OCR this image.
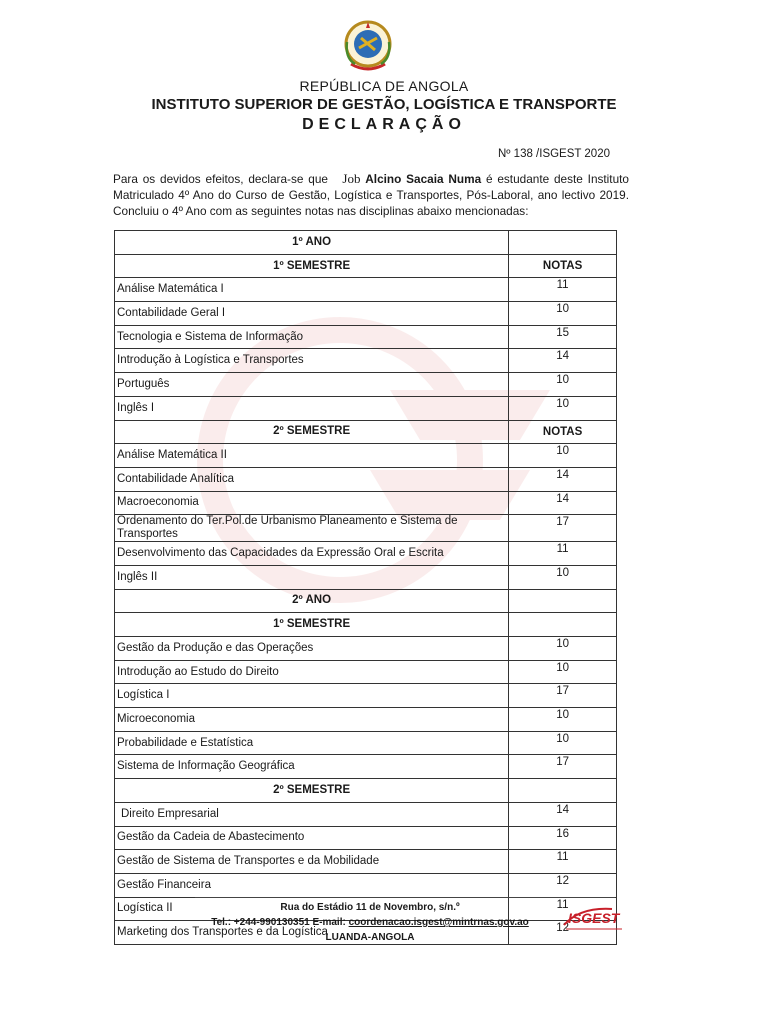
REPÚBLICA DE ANGOLA
INSTITUTO SUPERIOR DE GESTÃO, LOGÍSTICA E TRANSPORTE
DECLARAÇÃO
Nº 138 /ISGEST 2020
Para os devidos efeitos, declara-se que Job Alcino Sacaia Numa é estudante deste Instituto Matriculado 4º Ano do Curso de Gestão, Logística e Transportes, Pós-Laboral, ano lectivo 2019. Concluiu o 4º Ano com as seguintes notas nas disciplinas abaixo mencionadas:
1º ANO	
1º SEMESTRE	NOTAS
Análise Matemática I	11
Contabilidade Geral I	10
Tecnologia e Sistema de Informação	15
Introdução à Logística e Transportes	14
Português	10
Inglês I	10
2º SEMESTRE	NOTAS
Análise Matemática II	10
Contabilidade Analítica	14
Macroeconomia	14
Ordenamento do Ter.Pol.de Urbanismo Planeamento e Sistema de Transportes	17
Desenvolvimento das Capacidades da Expressão Oral e Escrita	11
Inglês II	10
2º ANO	
1º SEMESTRE	
Gestão da Produção e das Operações	10
Introdução ao Estudo do Direito	10
Logística I	17
Microeconomia	10
Probabilidade e Estatística	10
Sistema de Informação Geográfica	17
2º SEMESTRE	
Direito Empresarial	14
Gestão da Cadeia de Abastecimento	16
Gestão de Sistema de Transportes e da Mobilidade	11
Gestão Financeira	12
Logística II	11
Marketing dos Transportes e da Logística	12
Rua do Estádio 11 de Novembro, s/n.º
Tel.: +244-990130351 E-mail: coordenacao.isgest@mintrnas.gov.ao
LUANDA-ANGOLA
ISGEST
